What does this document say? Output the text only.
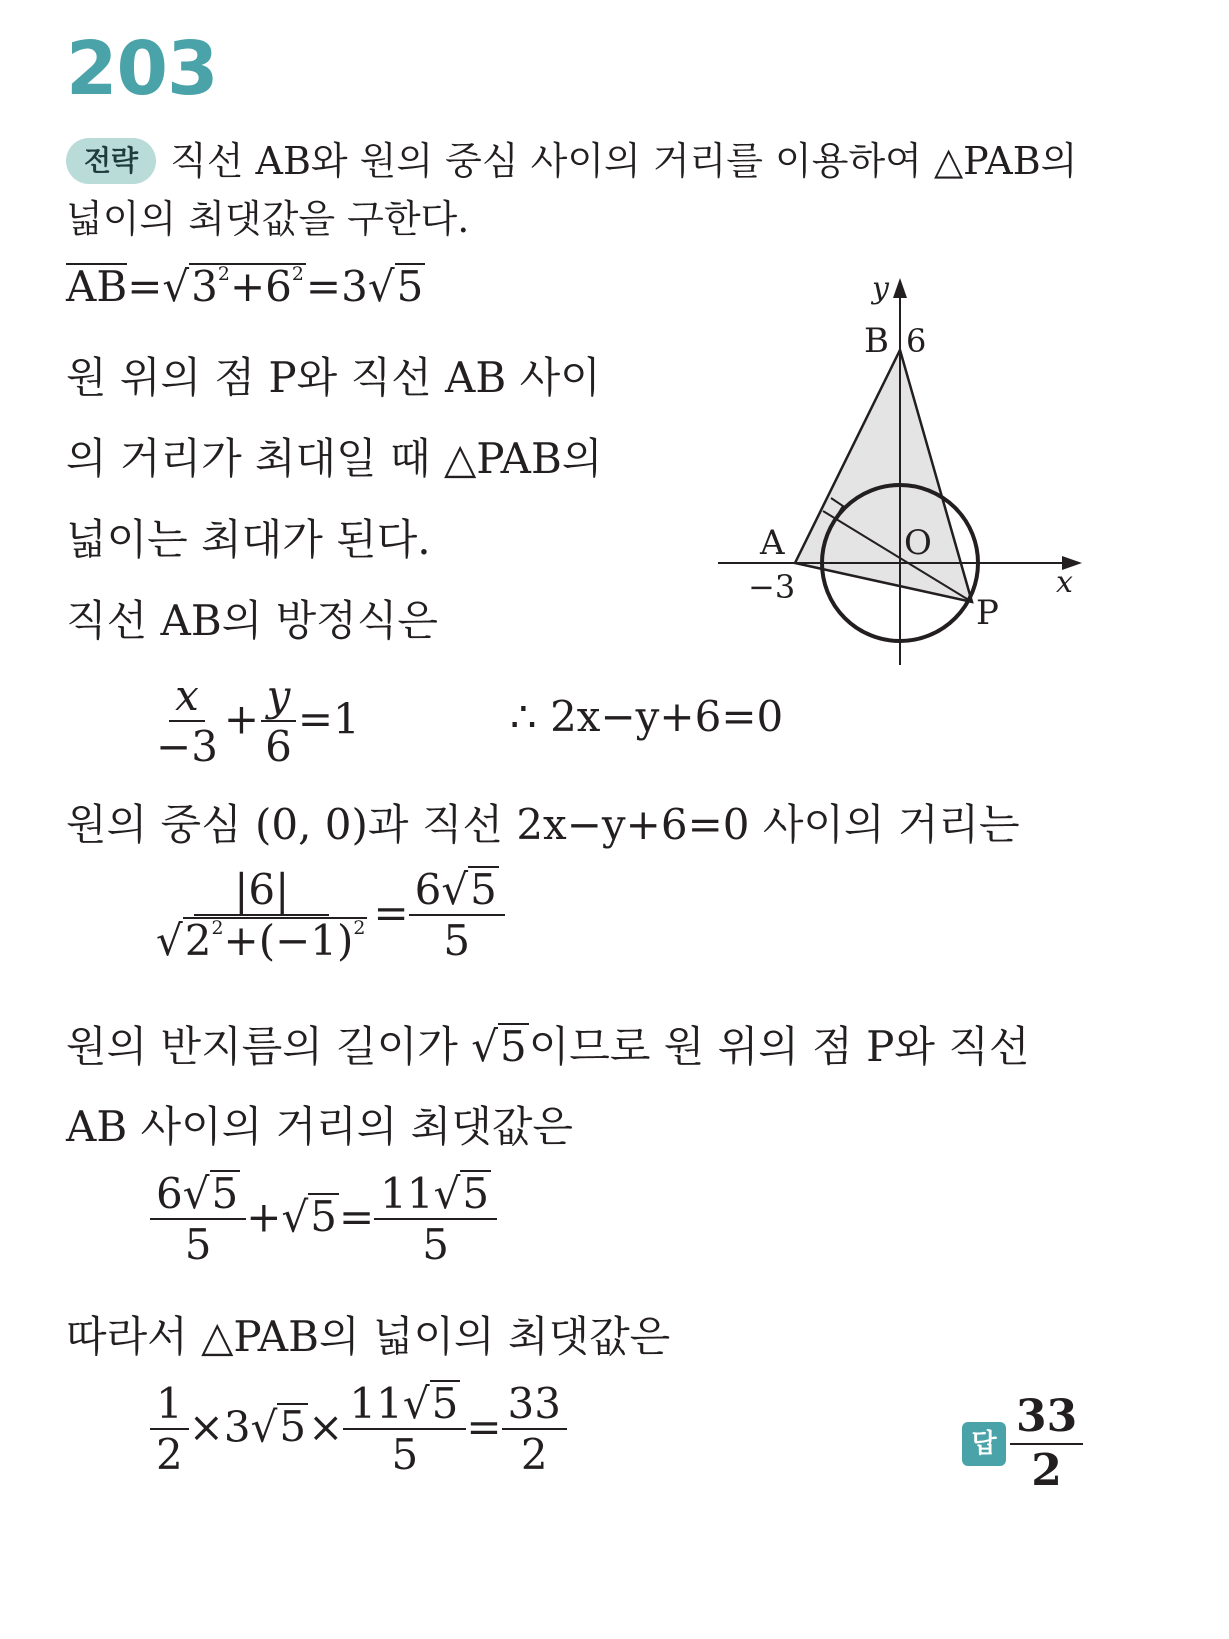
203
전략 직선 AB와 원의 중심 사이의 거리를 이용하여 △PAB의
넓이의 최댓값을 구한다.
$AB=√3^2+6^2=3√5$
원 위의 점 P와 직선 AB 사이
의 거리가 최대일 때 △PAB의
넓이는 최대가 된다.
직선 AB의 방정식은
y
x
B 6
A
−3
O
P
$\frac{x}{-3} + \frac{y}{6} =1$	∴ 2x−y+6=0
원의 중심 (0, 0)과 직선 2x−y+6=0 사이의 거리는
$\frac{|6|}{√2^2+(-1)^2} = \frac{6√5}{5}$
원의 반지름의 길이가 √5이므로 원 위의 점 P와 직선
AB 사이의 거리의 최댓값은
$\frac{6√5}{5} +√5= \frac{11√5}{5}$
따라서 △PAB의 넓이의 최댓값은
$\frac{1}{2} \times 3√5\times \frac{11√5}{5} = \frac{33}{2}$	답 $\frac{33}{2}$
